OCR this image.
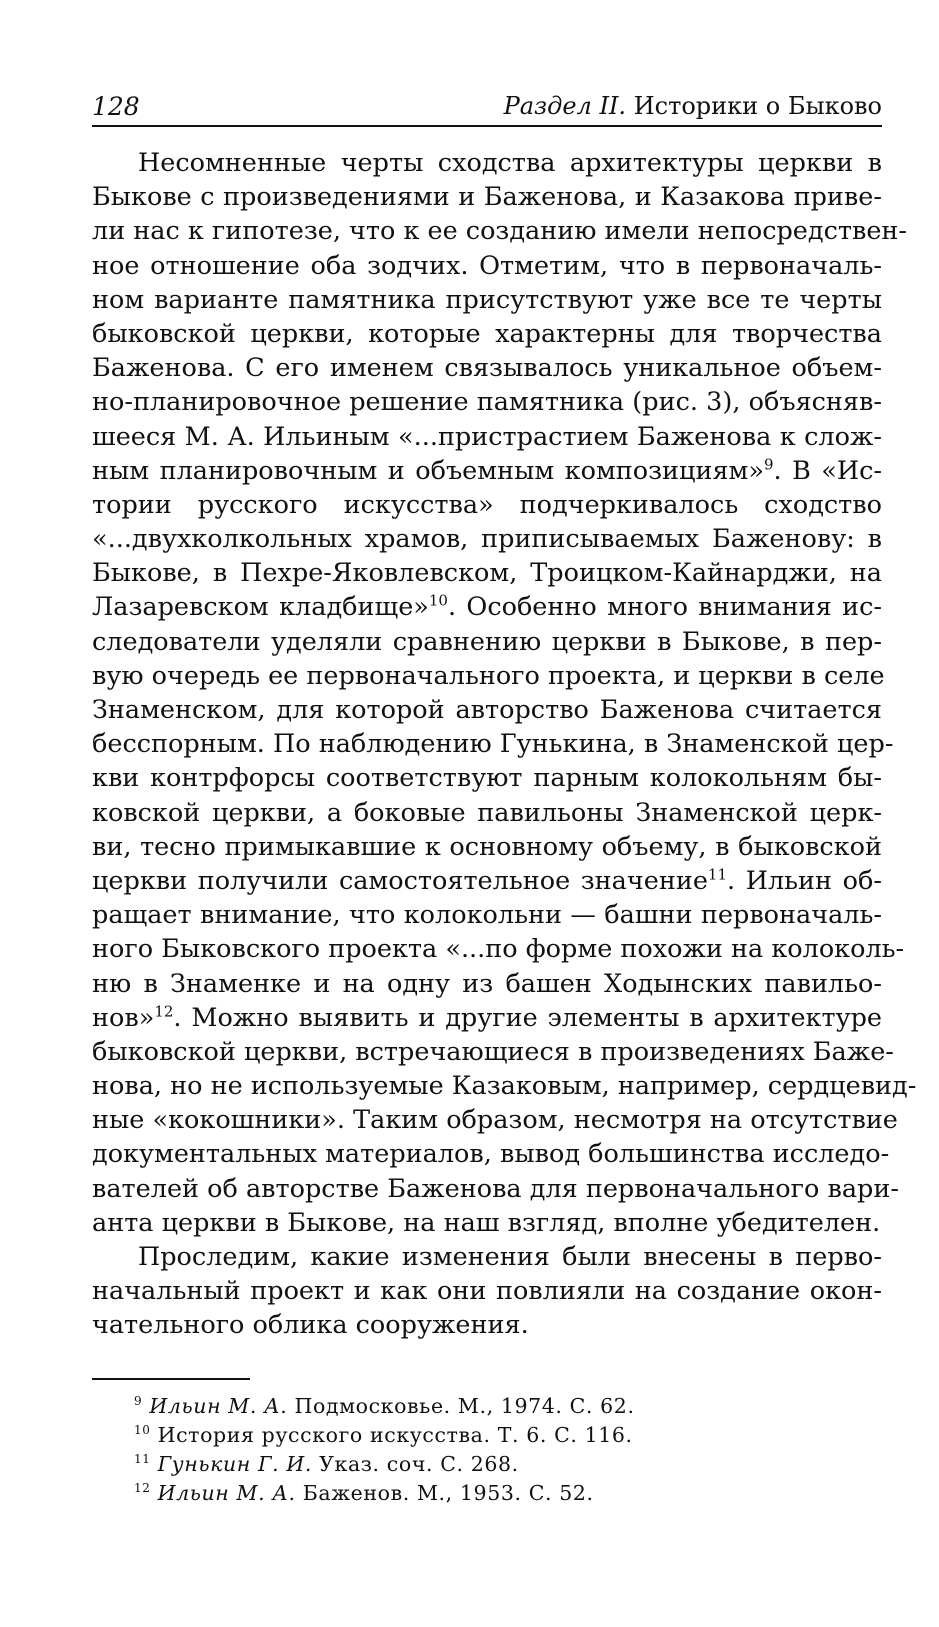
128	Раздел II. Историки о Быково
Несомненные черты сходства архитектуры церкви в
Быкове с произведениями и Баженова, и Казакова приве-
ли нас к гипотезе, что к ее созданию имели непосредствен-
ное отношение оба зодчих. Отметим, что в первоначаль-
ном варианте памятника присутствуют уже все те черты
быковской церкви, которые характерны для творчества
Баженова. С его именем связывалось уникальное объем-
но-планировочное решение памятника (рис. 3), объясняв-
шееся М. А. Ильиным «...пристрастием Баженова к слож-
ным планировочным и объемным композициям»$^9$. В «Ис-
тории русского искусства» подчеркивалось сходство
«...двухколкольных храмов, приписываемых Баженову: в
Быкове, в Пехре-Яковлевском, Троицком-Кайнарджи, на
Лазаревском кладбище»$^{10}$. Особенно много внимания ис-
следователи уделяли сравнению церкви в Быкове, в пер-
вую очередь ее первоначального проекта, и церкви в селе
Знаменском, для которой авторство Баженова считается
бесспорным. По наблюдению Гунькина, в Знаменской цер-
кви контрфорсы соответствуют парным колокольням бы-
ковской церкви, а боковые павильоны Знаменской церк-
ви, тесно примыкавшие к основному объему, в быковской
церкви получили самостоятельное значение$^{11}$. Ильин об-
ращает внимание, что колокольни — башни первоначаль-
ного Быковского проекта «...по форме похожи на колоколь-
ню в Знаменке и на одну из башен Ходынских павильо-
нов»$^{12}$. Можно выявить и другие элементы в архитектуре
быковской церкви, встречающиеся в произведениях Баже-
нова, но не используемые Казаковым, например, сердцевид-
ные «кокошники». Таким образом, несмотря на отсутствие
документальных материалов, вывод большинства исследо-
вателей об авторстве Баженова для первоначального вари-
анта церкви в Быкове, на наш взгляд, вполне убедителен.
Проследим, какие изменения были внесены в перво-
начальный проект и как они повлияли на создание окон-
чательного облика сооружения.
$^9$ Ильин М. А. Подмосковье. М., 1974. С. 62.
$^{10}$ История русского искусства. Т. 6. С. 116.
$^{11}$ Гунькин Г. И. Указ. соч. С. 268.
$^{12}$ Ильин М. А. Баженов. М., 1953. С. 52.
